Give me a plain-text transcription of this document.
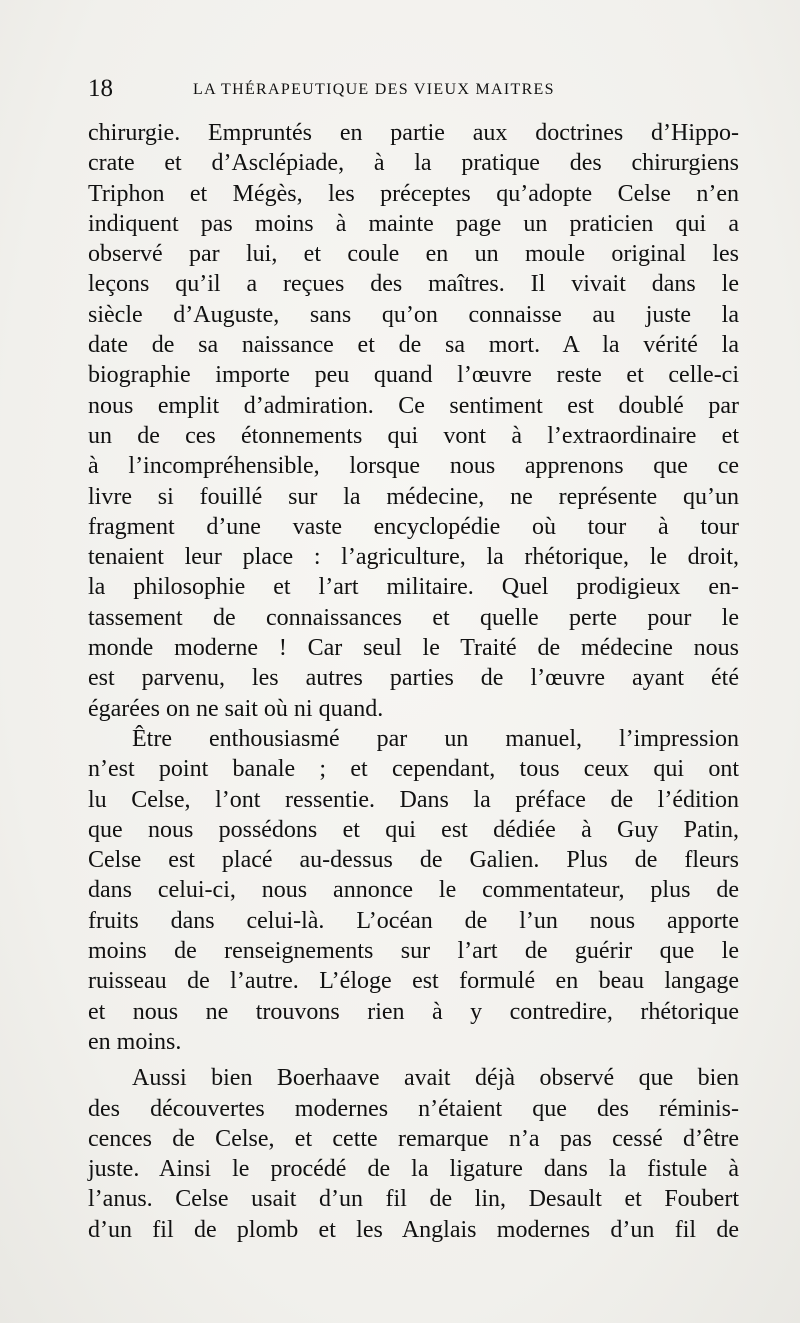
18	LA THÉRAPEUTIQUE DES VIEUX MAITRES
chirurgie. Empruntés en partie aux doctrines d’Hippo-
crate et d’Asclépiade, à la pratique des chirurgiens
Triphon et Mégès, les préceptes qu’adopte Celse n’en
indiquent pas moins à mainte page un praticien qui a
observé par lui, et coule en un moule original les
leçons qu’il a reçues des maîtres. Il vivait dans le
siècle d’Auguste, sans qu’on connaisse au juste la
date de sa naissance et de sa mort. A la vérité la
biographie importe peu quand l’œuvre reste et celle-ci
nous emplit d’admiration. Ce sentiment est doublé par
un de ces étonnements qui vont à l’extraordinaire et
à l’incompréhensible, lorsque nous apprenons que ce
livre si fouillé sur la médecine, ne représente qu’un
fragment d’une vaste encyclopédie où tour à tour
tenaient leur place : l’agriculture, la rhétorique, le droit,
la philosophie et l’art militaire. Quel prodigieux en-
tassement de connaissances et quelle perte pour le
monde moderne ! Car seul le Traité de médecine nous
est parvenu, les autres parties de l’œuvre ayant été
égarées on ne sait où ni quand.
Être enthousiasmé par un manuel, l’impression
n’est point banale ; et cependant, tous ceux qui ont
lu Celse, l’ont ressentie. Dans la préface de l’édition
que nous possédons et qui est dédiée à Guy Patin,
Celse est placé au-dessus de Galien. Plus de fleurs
dans celui-ci, nous annonce le commentateur, plus de
fruits dans celui-là. L’océan de l’un nous apporte
moins de renseignements sur l’art de guérir que le
ruisseau de l’autre. L’éloge est formulé en beau langage
et nous ne trouvons rien à y contredire, rhétorique
en moins.
Aussi bien Boerhaave avait déjà observé que bien
des découvertes modernes n’étaient que des réminis-
cences de Celse, et cette remarque n’a pas cessé d’être
juste. Ainsi le procédé de la ligature dans la fistule à
l’anus. Celse usait d’un fil de lin, Desault et Foubert
d’un fil de plomb et les Anglais modernes d’un fil de
